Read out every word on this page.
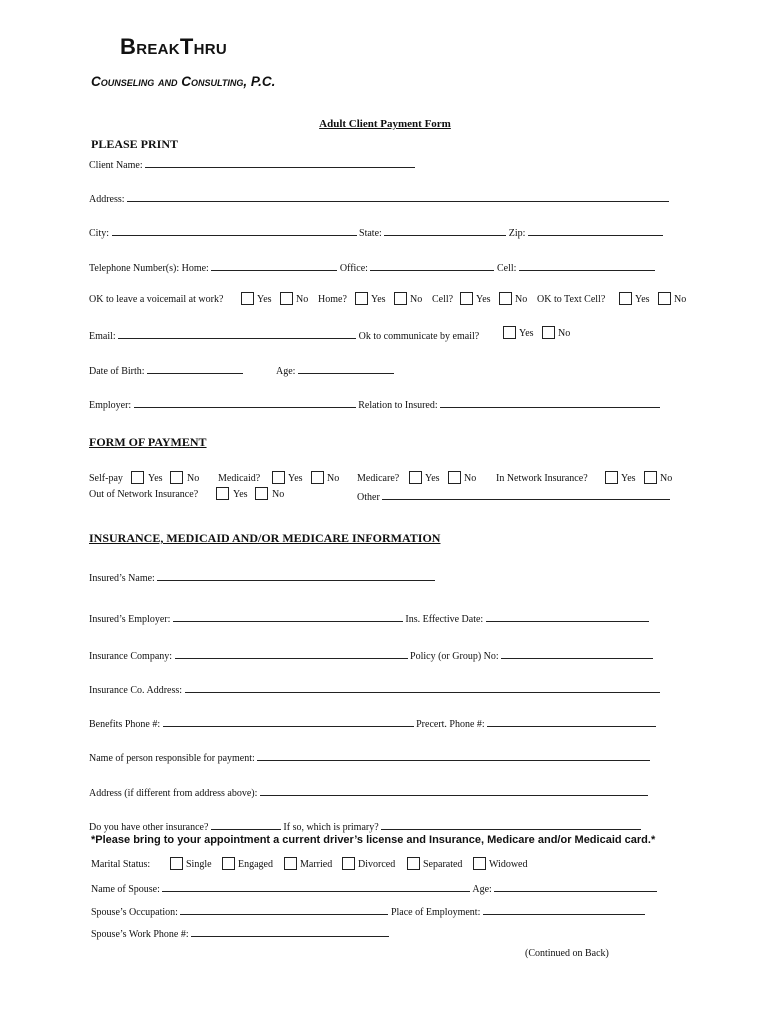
BreakThru
Counseling and Consulting, P.C.
Adult Client Payment Form
PLEASE PRINT
Client Name:
Address:
City:	State:	Zip:
Telephone Number(s): Home:	Office:	Cell:
OK to leave a voicemail at work?	Yes No Home? Yes No Cell? Yes No OK to Text Cell?	Yes No
Email:	Ok to communicate by email?	Yes No
Date of Birth:	Age:
Employer:	Relation to Insured:
FORM OF PAYMENT
Self-pay	Yes No Medicaid?	Yes No Medicare?	Yes No In Network Insurance?	Yes No
Out of Network Insurance?	Yes No	Other
INSURANCE, MEDICAID AND/OR MEDICARE INFORMATION
Insured’s Name:
Insured’s Employer:	Ins. Effective Date:
Insurance Company:	Policy (or Group) No:
Insurance Co. Address:
Benefits Phone #:	Precert. Phone #:
Name of person responsible for payment:
Address (if different from address above):
Do you have other insurance?	If so, which is primary?
*Please bring to your appointment a current driver’s license and Insurance, Medicare and/or Medicaid card.*
Marital Status:	Single	Engaged	Married	Divorced	Separated	Widowed
Name of Spouse:	Age:
Spouse’s Occupation:	Place of Employment:
Spouse’s Work Phone #:
(Continued on Back)
